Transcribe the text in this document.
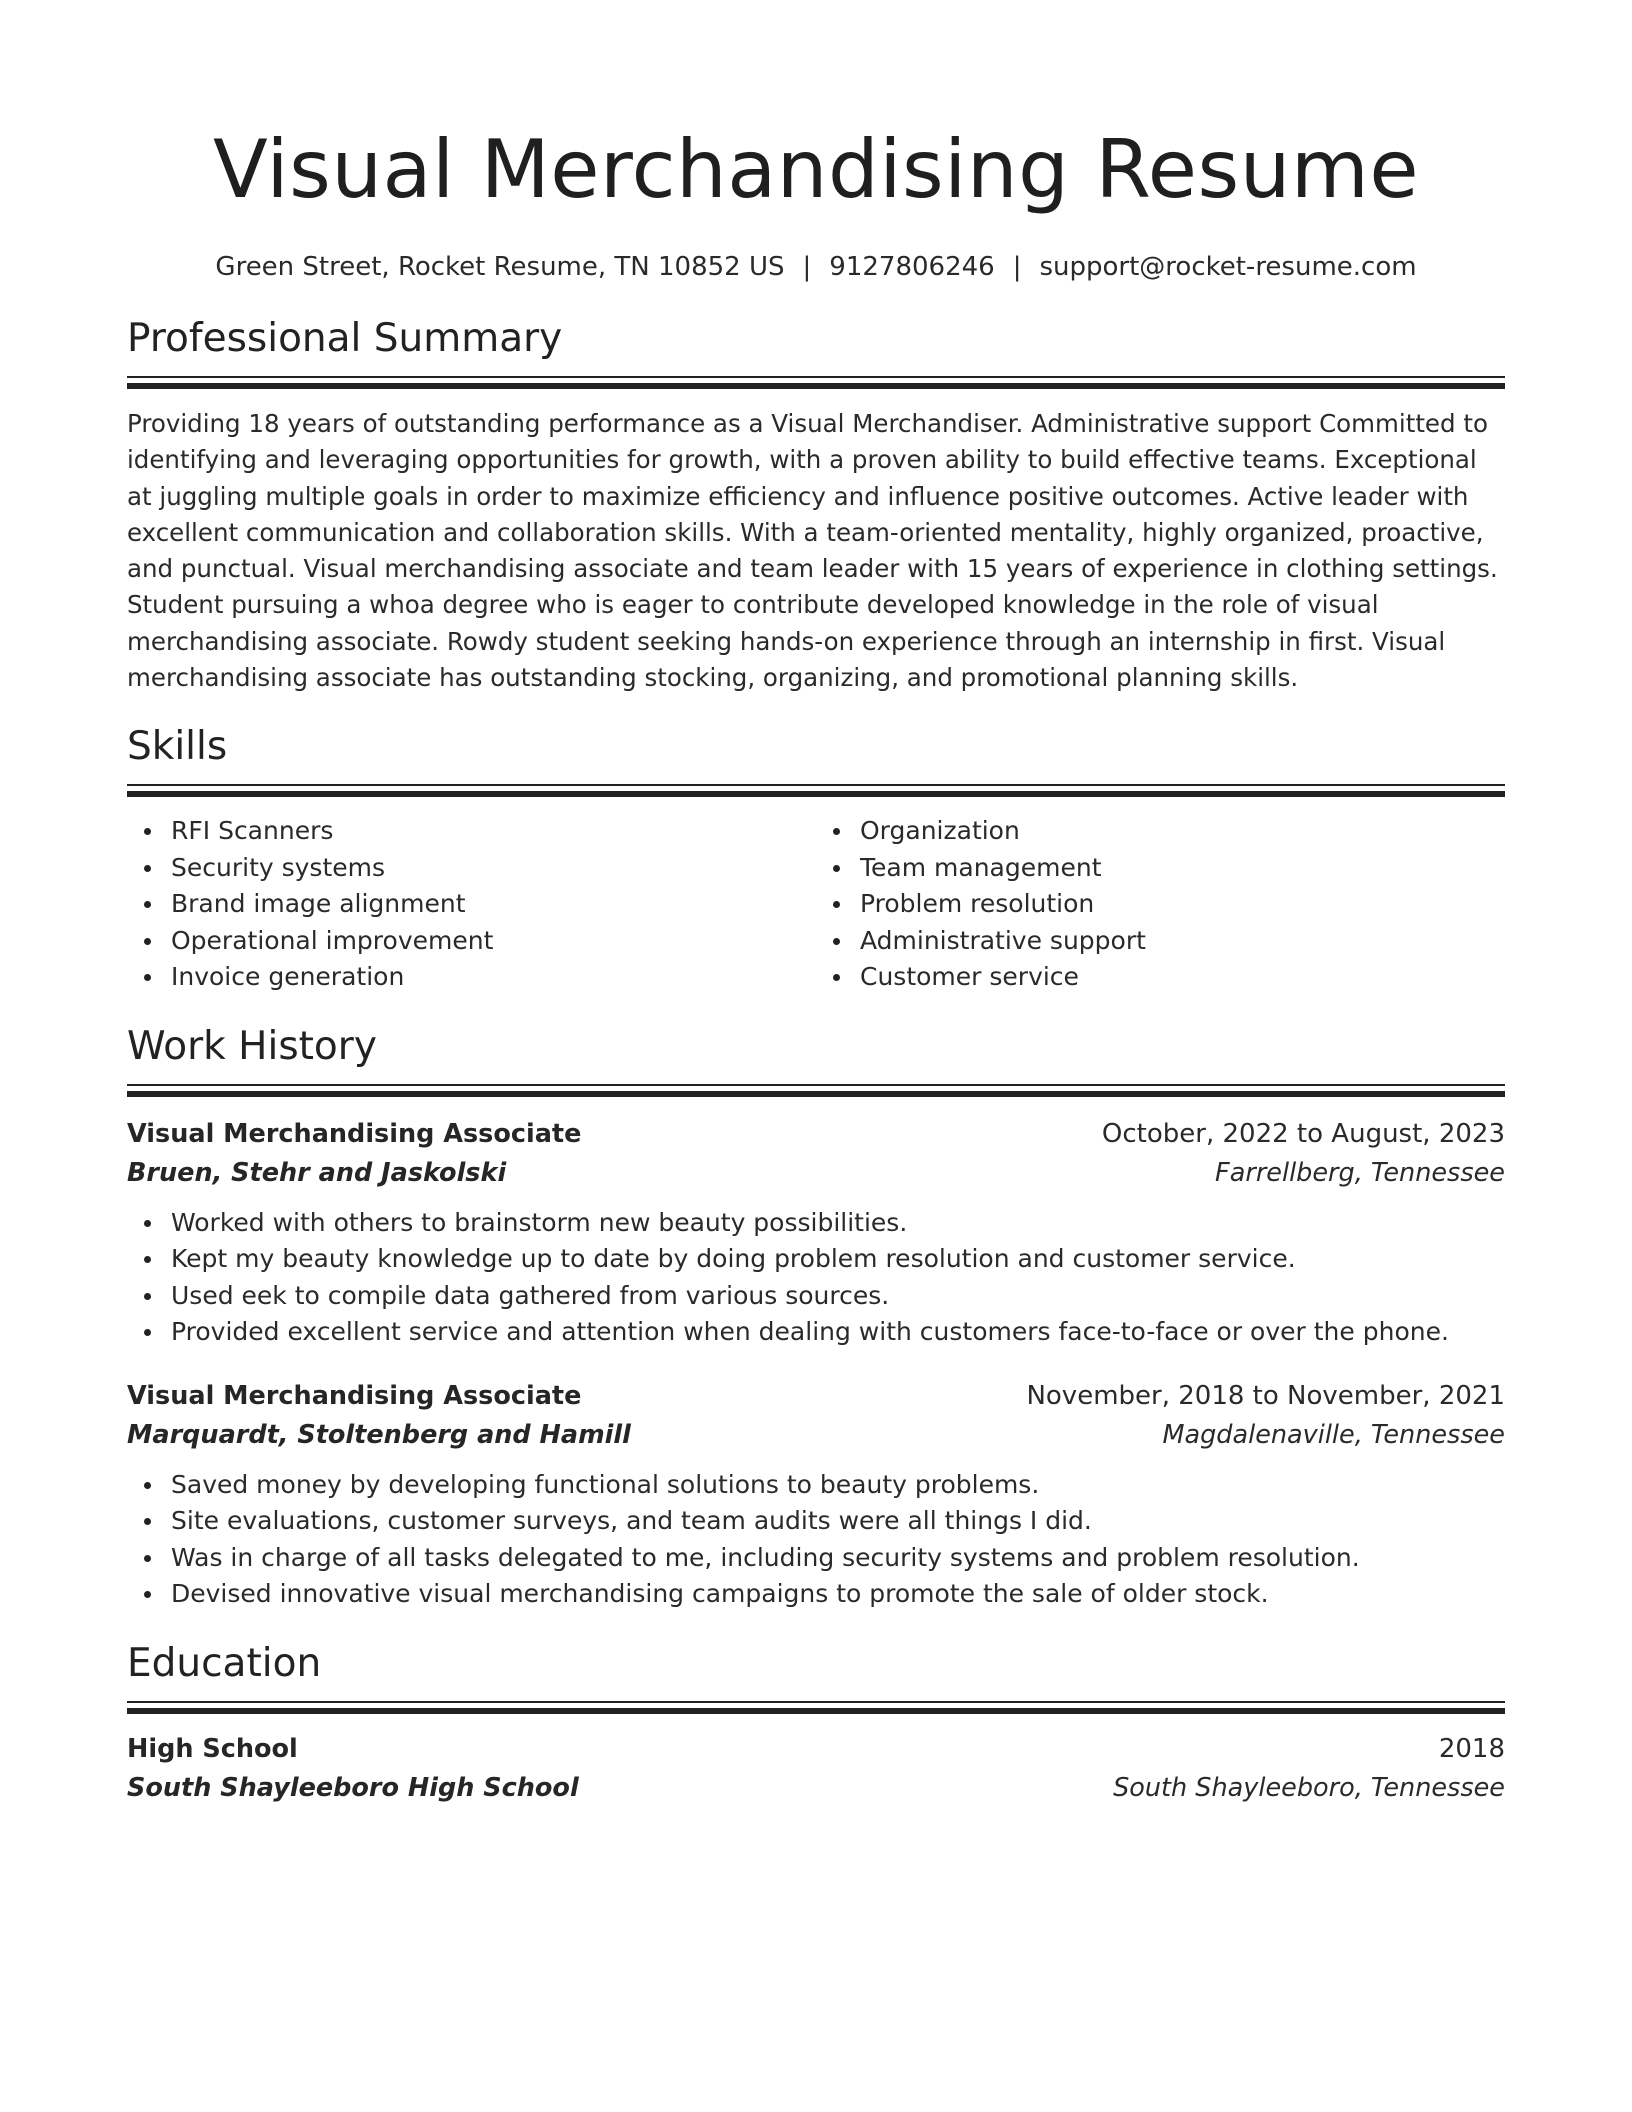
Visual Merchandising Resume
Green Street, Rocket Resume, TN 10852 US | 9127806246 | support@rocket-resume.com
Professional Summary

Providing 18 years of outstanding performance as a Visual Merchandiser. Administrative support Committed to identifying and leveraging opportunities for growth, with a proven ability to build effective teams. Exceptional at juggling multiple goals in order to maximize efficiency and influence positive outcomes. Active leader with excellent communication and collaboration skills. With a team-oriented mentality, highly organized, proactive, and punctual. Visual merchandising associate and team leader with 15 years of experience in clothing settings. Student pursuing a whoa degree who is eager to contribute developed knowledge in the role of visual merchandising associate. Rowdy student seeking hands-on experience through an internship in first. Visual merchandising associate has outstanding stocking, organizing, and promotional planning skills.

Skills
RFI Scanners
Security systems
Brand image alignment
Operational improvement
Invoice generation
Organization
Team management
Problem resolution
Administrative support
Customer service
Work History
Visual Merchandising Associate	October, 2022 to August, 2023
Bruen, Stehr and Jaskolski	Farrellberg, Tennessee
Worked with others to brainstorm new beauty possibilities.
Kept my beauty knowledge up to date by doing problem resolution and customer service.
Used eek to compile data gathered from various sources.
Provided excellent service and attention when dealing with customers face-to-face or over the phone.
Visual Merchandising Associate	November, 2018 to November, 2021
Marquardt, Stoltenberg and Hamill	Magdalenaville, Tennessee
Saved money by developing functional solutions to beauty problems.
Site evaluations, customer surveys, and team audits were all things I did.
Was in charge of all tasks delegated to me, including security systems and problem resolution.
Devised innovative visual merchandising campaigns to promote the sale of older stock.
Education
High School	2018
South Shayleeboro High School	South Shayleeboro, Tennessee
